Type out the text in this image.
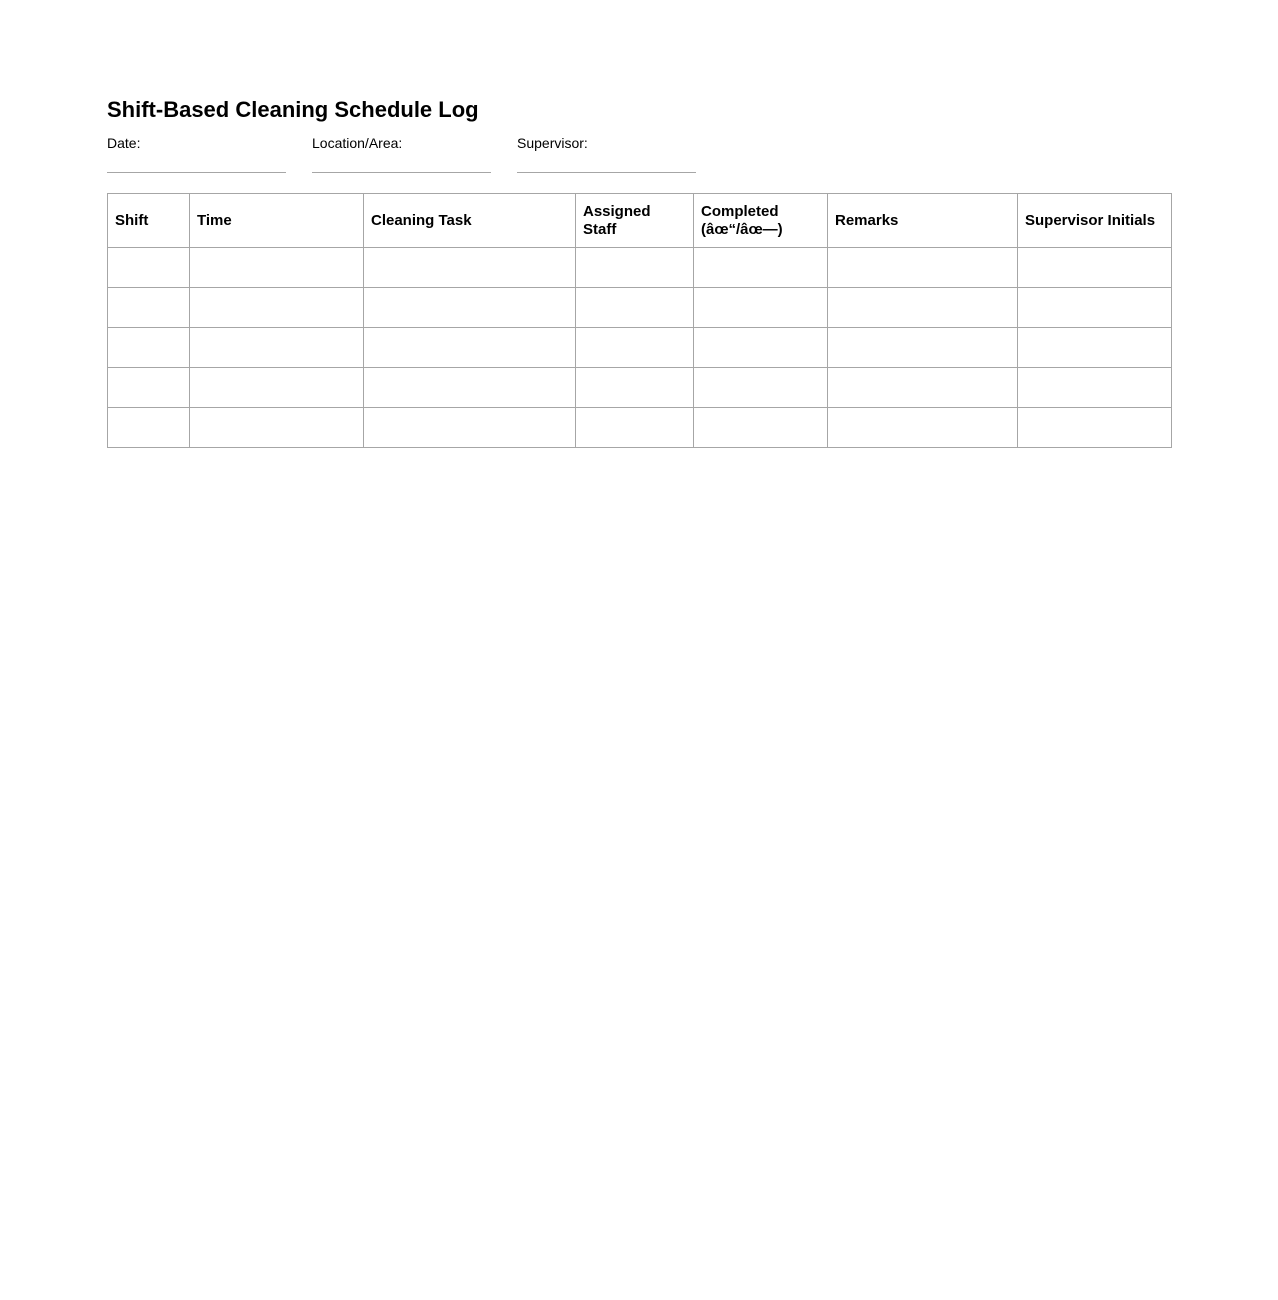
Shift-Based Cleaning Schedule Log
Date:	Location/Area:	Supervisor:
Shift	Time	Cleaning Task	Assigned Staff	Completed (âœ“/âœ—)	Remarks	Supervisor Initials
